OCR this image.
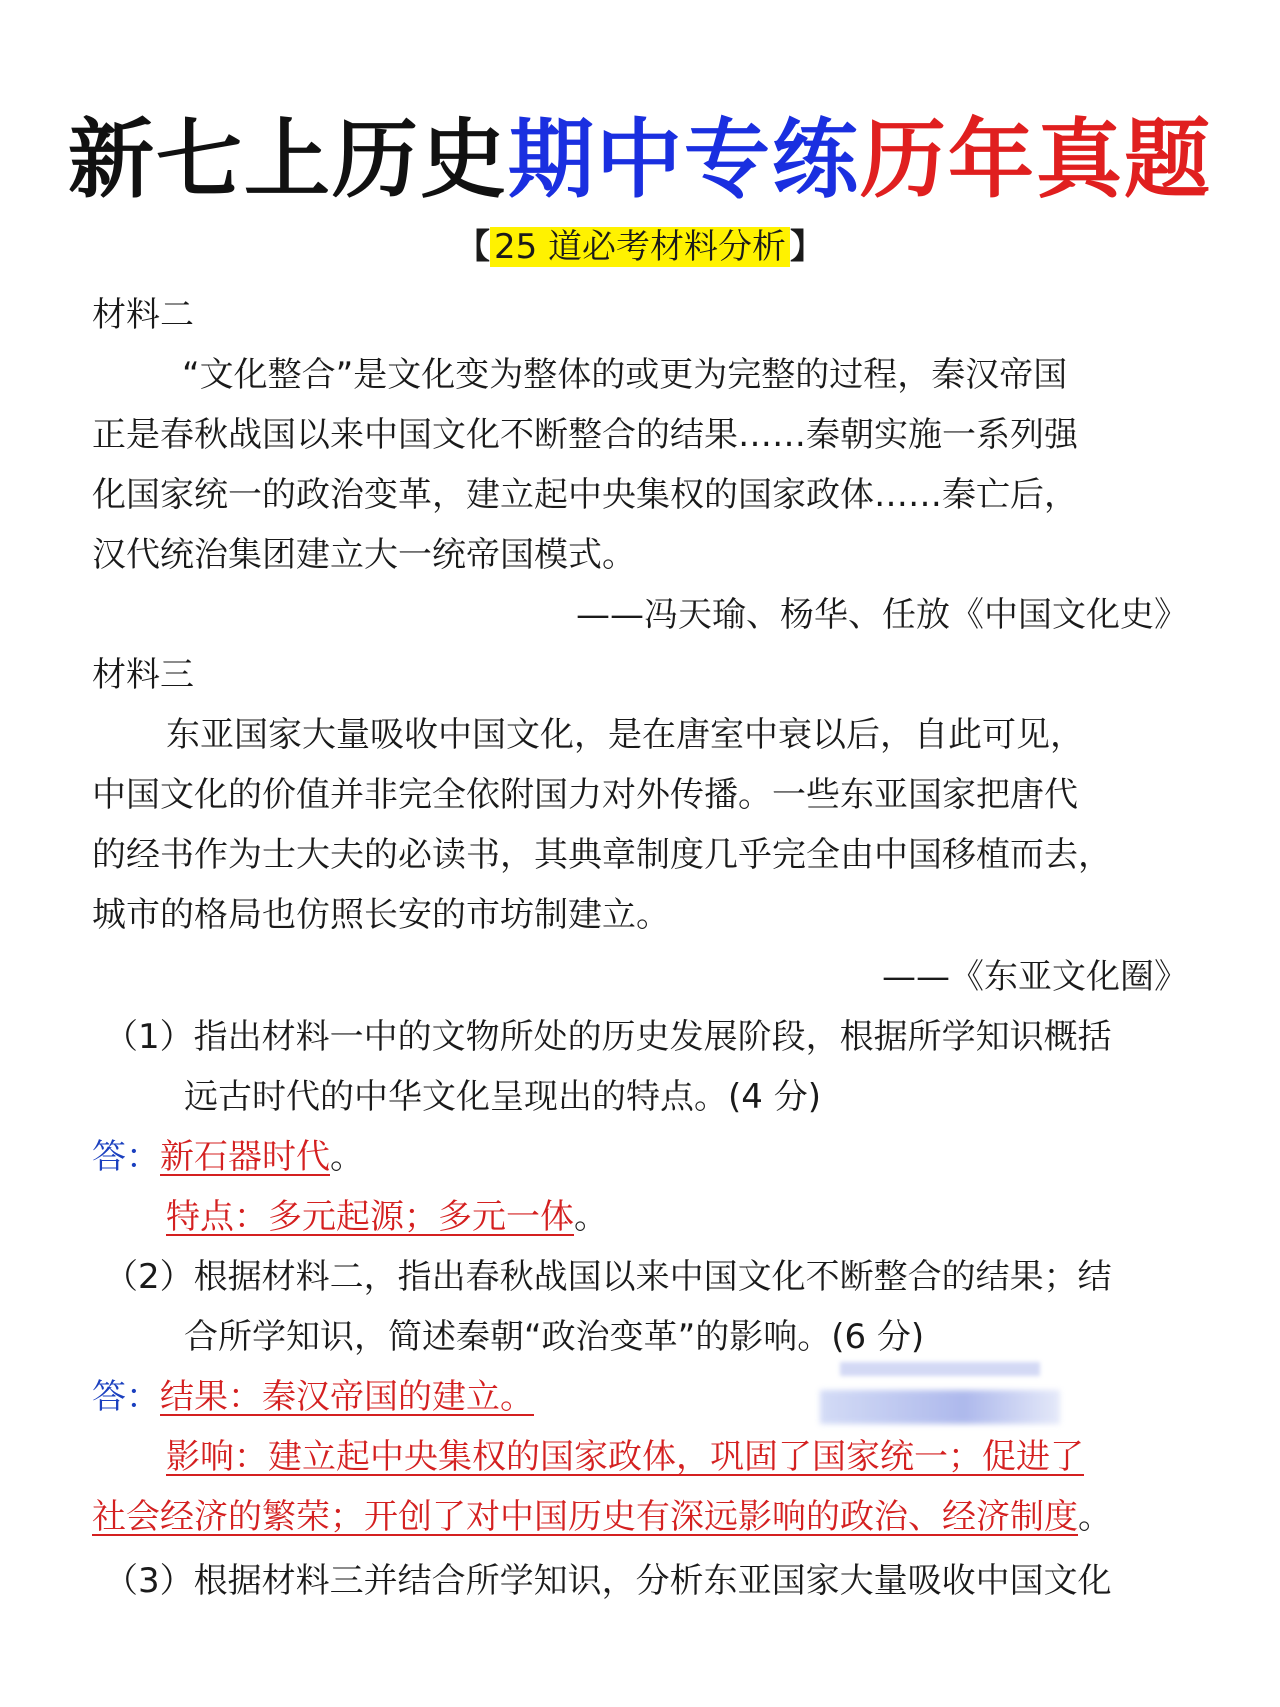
新七上历史期中专练历年真题
【 25 道必考材料分析 】
材料二
“文化整合”是文化变为整体的或更为完整的过程，秦汉帝国
正是春秋战国以来中国文化不断整合的结果……秦朝实施一系列强
化国家统一的政治变革，建立起中央集权的国家政体……秦亡后，
汉代统治集团建立大一统帝国模式。
——冯天瑜、杨华、任放《中国文化史》
材料三
东亚国家大量吸收中国文化，是在唐室中衰以后，自此可见，
中国文化的价值并非完全依附国力对外传播。一些东亚国家把唐代
的经书作为士大夫的必读书，其典章制度几乎完全由中国移植而去，
城市的格局也仿照长安的市坊制建立。
——《东亚文化圈》
（1）指出材料一中的文物所处的历史发展阶段，根据所学知识概括
远古时代的中华文化呈现出的特点。(4 分)
答：新石器时代。
特点：多元起源；多元一体。
（2）根据材料二，指出春秋战国以来中国文化不断整合的结果；结
合所学知识，简述秦朝“政治变革”的影响。(6 分)
答：结果：秦汉帝国的建立。
影响：建立起中央集权的国家政体，巩固了国家统一；促进了
社会经济的繁荣；开创了对中国历史有深远影响的政治、经济制度。
（3）根据材料三并结合所学知识，分析东亚国家大量吸收中国文化
